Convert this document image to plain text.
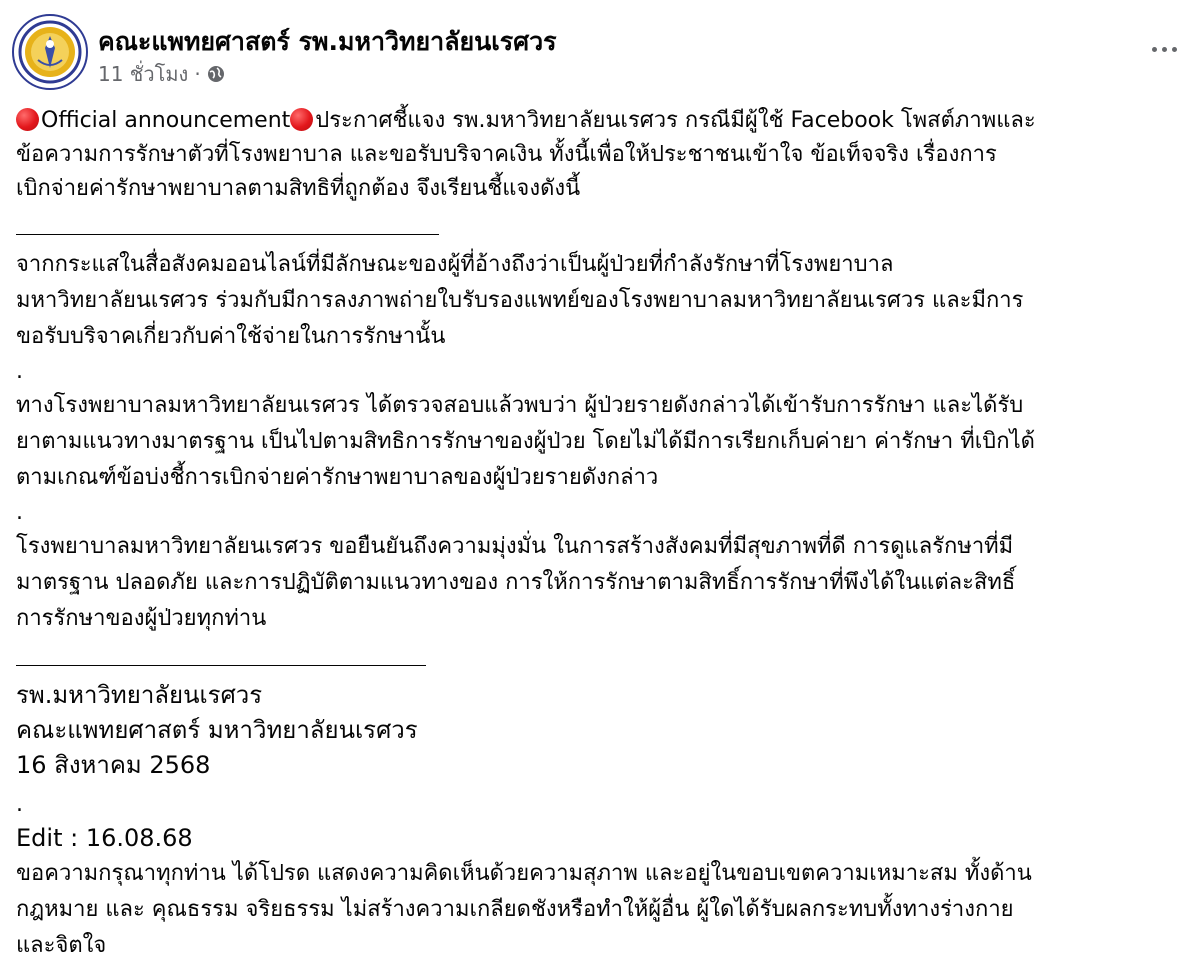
คณะแพทยศาสตร์ รพ.มหาวิทยาลัยนเรศวร
11 ชั่วโมง ·

Official announcement ประกาศชี้แจง รพ.มหาวิทยาลัยนเรศวร กรณีมีผู้ใช้ Facebook โพสต์ภาพและ

ข้อความการรักษาตัวที่โรงพยาบาล และขอรับบริจาคเงิน ทั้งนี้เพื่อให้ประชาชนเข้าใจ ข้อเท็จจริง เรื่องการ

เบิกจ่ายค่ารักษาพยาบาลตามสิทธิที่ถูกต้อง จึงเรียนชี้แจงดังนี้

จากกระแสในสื่อสังคมออนไลน์ที่มีลักษณะของผู้ที่อ้างถึงว่าเป็นผู้ป่วยที่กำลังรักษาที่โรงพยาบาล

มหาวิทยาลัยนเรศวร ร่วมกับมีการลงภาพถ่ายใบรับรองแพทย์ของโรงพยาบาลมหาวิทยาลัยนเรศวร และมีการ

ขอรับบริจาคเกี่ยวกับค่าใช้จ่ายในการรักษานั้น

.

ทางโรงพยาบาลมหาวิทยาลัยนเรศวร ได้ตรวจสอบแล้วพบว่า ผู้ป่วยรายดังกล่าวได้เข้ารับการรักษา และได้รับ

ยาตามแนวทางมาตรฐาน เป็นไปตามสิทธิการรักษาของผู้ป่วย โดยไม่ได้มีการเรียกเก็บค่ายา ค่ารักษา ที่เบิกได้

ตามเกณฑ์ข้อบ่งชี้การเบิกจ่ายค่ารักษาพยาบาลของผู้ป่วยรายดังกล่าว

.

โรงพยาบาลมหาวิทยาลัยนเรศวร ขอยืนยันถึงความมุ่งมั่น ในการสร้างสังคมที่มีสุขภาพที่ดี การดูแลรักษาที่มี

มาตรฐาน ปลอดภัย และการปฏิบัติตามแนวทางของ การให้การรักษาตามสิทธิ์การรักษาที่พึงได้ในแต่ละสิทธิ์

การรักษาของผู้ป่วยทุกท่าน

รพ.มหาวิทยาลัยนเรศวร

คณะแพทยศาสตร์ มหาวิทยาลัยนเรศวร

16 สิงหาคม 2568

.

Edit : 16.08.68

ขอความกรุณาทุกท่าน ได้โปรด แสดงความคิดเห็นด้วยความสุภาพ และอยู่ในขอบเขตความเหมาะสม ทั้งด้าน

กฎหมาย และ คุณธรรม จริยธรรม ไม่สร้างความเกลียดชังหรือทำให้ผู้อื่น ผู้ใดได้รับผลกระทบทั้งทางร่างกาย

และจิตใจ
